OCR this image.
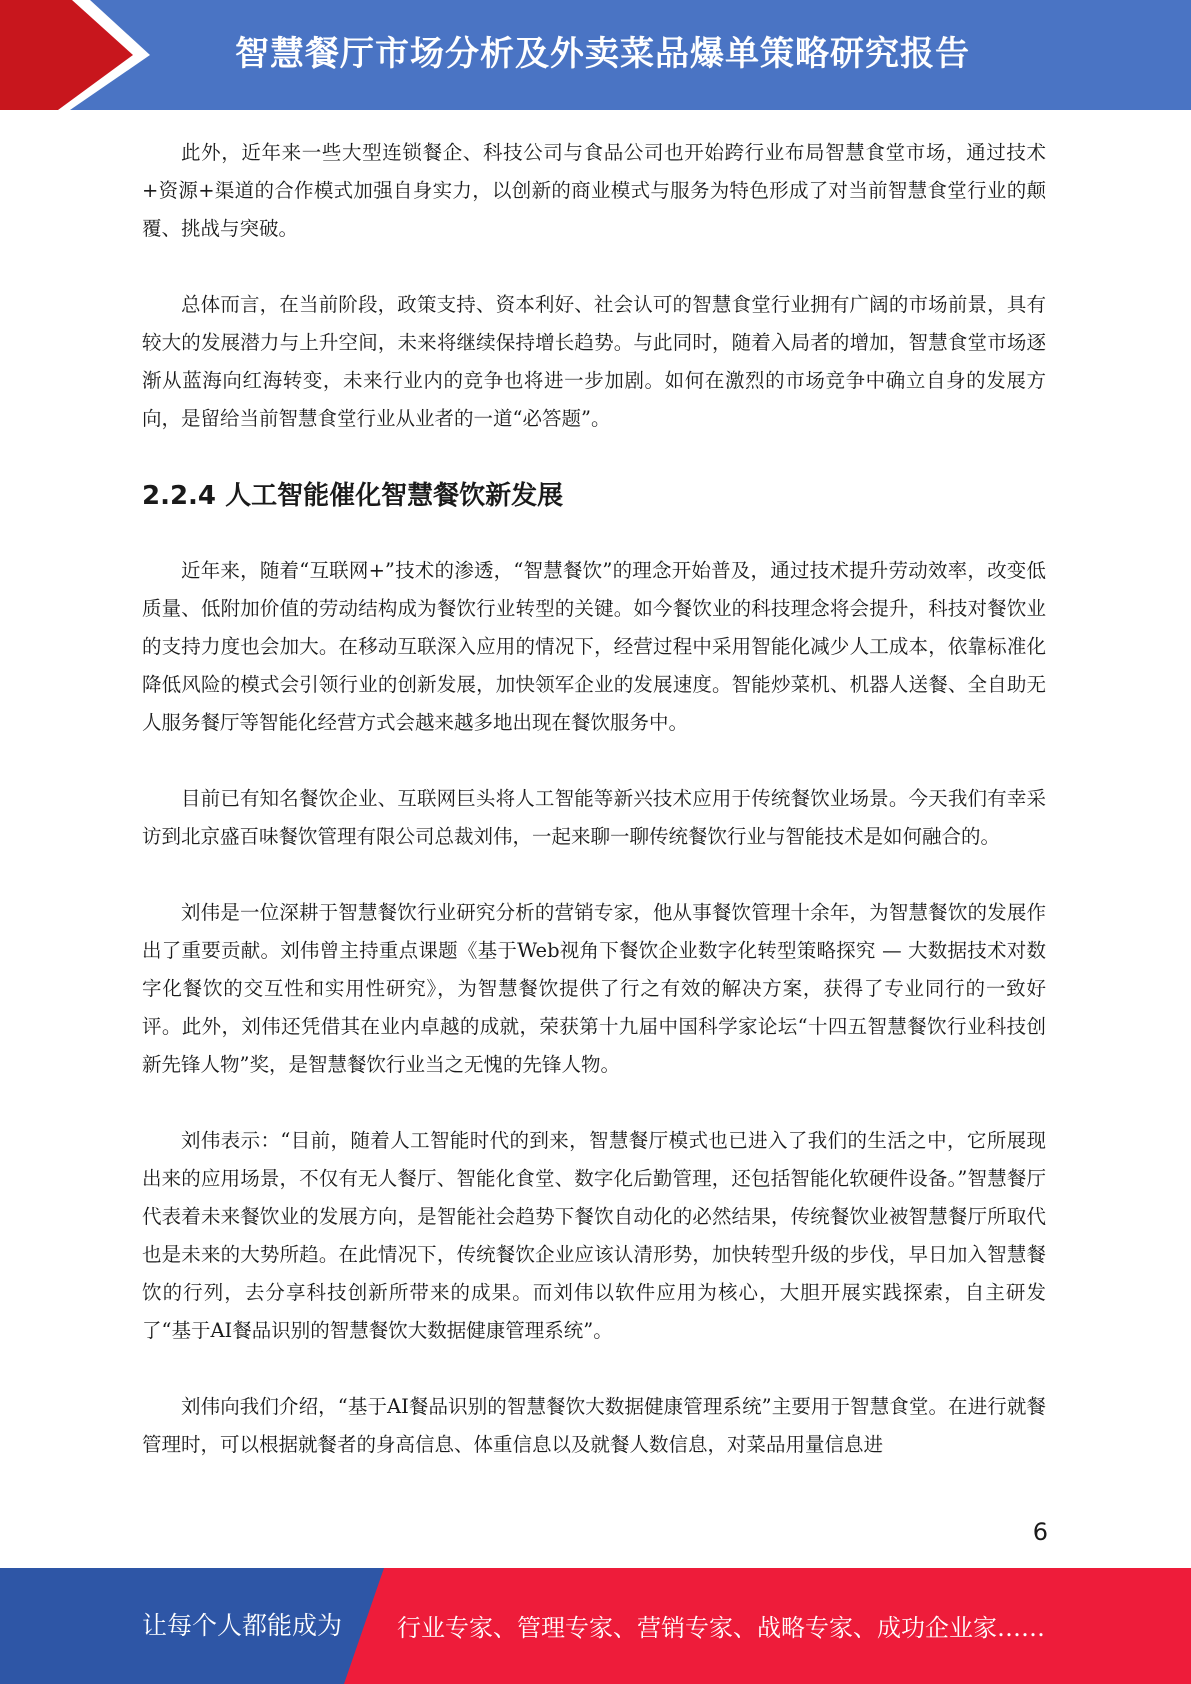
智慧餐厅市场分析及外卖菜品爆单策略研究报告

此外，近年来一些大型连锁餐企、科技公司与食品公司也开始跨行业布局智慧食堂市场，通过技术+资源+渠道的合作模式加强自身实力，以创新的商业模式与服务为特色形成了对当前智慧食堂行业的颠覆、挑战与突破。

总体而言，在当前阶段，政策支持、资本利好、社会认可的智慧食堂行业拥有广阔的市场前景，具有较大的发展潜力与上升空间，未来将继续保持增长趋势。与此同时，随着入局者的增加，智慧食堂市场逐渐从蓝海向红海转变，未来行业内的竞争也将进一步加剧。如何在激烈的市场竞争中确立自身的发展方向，是留给当前智慧食堂行业从业者的一道“必答题”。

2.2.4 人工智能催化智慧餐饮新发展

近年来，随着“互联网+”技术的渗透，“智慧餐饮”的理念开始普及，通过技术提升劳动效率，改变低质量、低附加价值的劳动结构成为餐饮行业转型的关键。如今餐饮业的科技理念将会提升，科技对餐饮业的支持力度也会加大。在移动互联深入应用的情况下，经营过程中采用智能化减少人工成本，依靠标准化降低风险的模式会引领行业的创新发展，加快领军企业的发展速度。智能炒菜机、机器人送餐、全自助无人服务餐厅等智能化经营方式会越来越多地出现在餐饮服务中。

目前已有知名餐饮企业、互联网巨头将人工智能等新兴技术应用于传统餐饮业场景。今天我们有幸采访到北京盛百味餐饮管理有限公司总裁刘伟，一起来聊一聊传统餐饮行业与智能技术是如何融合的。

刘伟是一位深耕于智慧餐饮行业研究分析的营销专家，他从事餐饮管理十余年，为智慧餐饮的发展作出了重要贡献。刘伟曾主持重点课题《基于Web视角下餐饮企业数字化转型策略探究 — 大数据技术对数字化餐饮的交互性和实用性研究》，为智慧餐饮提供了行之有效的解决方案，获得了专业同行的一致好评。此外，刘伟还凭借其在业内卓越的成就，荣获第十九届中国科学家论坛“十四五智慧餐饮行业科技创新先锋人物”奖，是智慧餐饮行业当之无愧的先锋人物。

刘伟表示：“目前，随着人工智能时代的到来，智慧餐厅模式也已进入了我们的生活之中，它所展现出来的应用场景，不仅有无人餐厅、智能化食堂、数字化后勤管理，还包括智能化软硬件设备。”智慧餐厅代表着未来餐饮业的发展方向，是智能社会趋势下餐饮自动化的必然结果，传统餐饮业被智慧餐厅所取代也是未来的大势所趋。在此情况下，传统餐饮企业应该认清形势，加快转型升级的步伐，早日加入智慧餐饮的行列，去分享科技创新所带来的成果。而刘伟以软件应用为核心，大胆开展实践探索，自主研发了“基于AI餐品识别的智慧餐饮大数据健康管理系统”。

刘伟向我们介绍，“基于AI餐品识别的智慧餐饮大数据健康管理系统”主要用于智慧食堂。在进行就餐管理时，可以根据就餐者的身高信息、体重信息以及就餐人数信息，对菜品用量信息进

6
让每个人都能成为 行业专家、管理专家、营销专家、战略专家、成功企业家……
